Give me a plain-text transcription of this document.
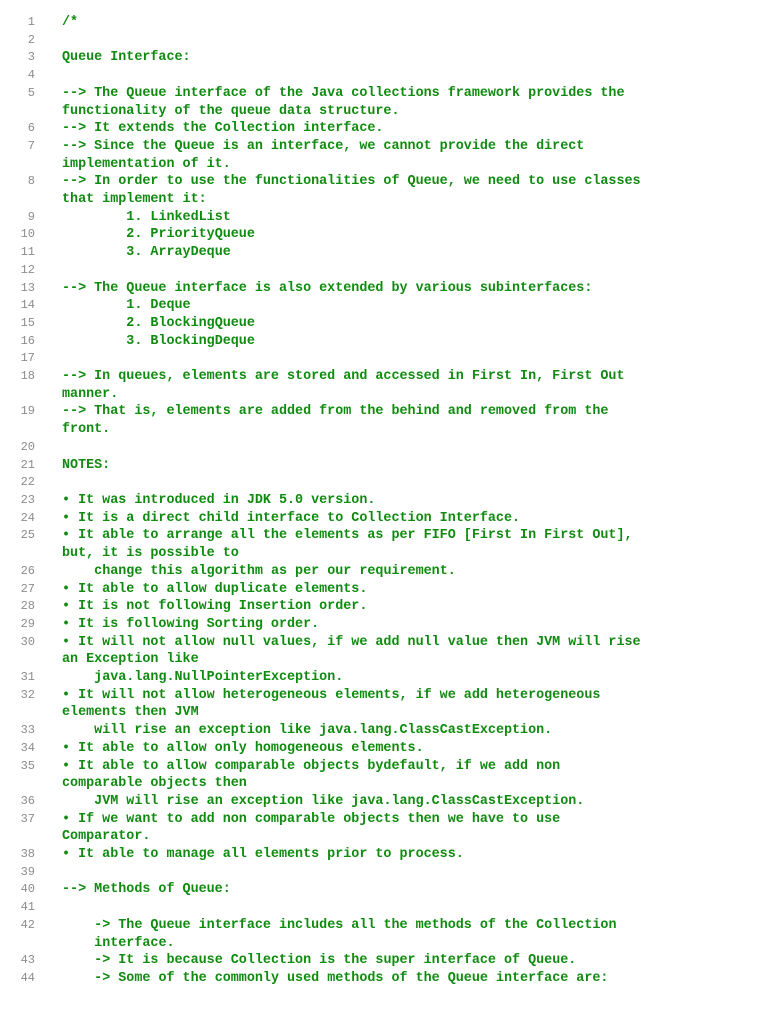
1	/*
2
3	Queue Interface:
4
5	--> The Queue interface of the Java collections framework provides the
functionality of the queue data structure.
6	--> It extends the Collection interface.
7	--> Since the Queue is an interface, we cannot provide the direct
implementation of it.
8	--> In order to use the functionalities of Queue, we need to use classes
that implement it:
9	1. LinkedList
10	2. PriorityQueue
11	3. ArrayDeque
12
13	--> The Queue interface is also extended by various subinterfaces:
14	1. Deque
15	2. BlockingQueue
16	3. BlockingDeque
17
18	--> In queues, elements are stored and accessed in First In, First Out
manner.
19	--> That is, elements are added from the behind and removed from the
front.
20
21	NOTES:
22
23	• It was introduced in JDK 5.0 version.
24	• It is a direct child interface to Collection Interface.
25	• It able to arrange all the elements as per FIFO [First In First Out],
but, it is possible to
26	change this algorithm as per our requirement.
27	• It able to allow duplicate elements.
28	• It is not following Insertion order.
29	• It is following Sorting order.
30	• It will not allow null values, if we add null value then JVM will rise
an Exception like
31	java.lang.NullPointerException.
32	• It will not allow heterogeneous elements, if we add heterogeneous
elements then JVM
33	will rise an exception like java.lang.ClassCastException.
34	• It able to allow only homogeneous elements.
35	• It able to allow comparable objects bydefault, if we add non
comparable objects then
36	JVM will rise an exception like java.lang.ClassCastException.
37	• If we want to add non comparable objects then we have to use
Comparator.
38	• It able to manage all elements prior to process.
39
40	--> Methods of Queue:
41
42	-> The Queue interface includes all the methods of the Collection
interface.
43	-> It is because Collection is the super interface of Queue.
44	-> Some of the commonly used methods of the Queue interface are:
